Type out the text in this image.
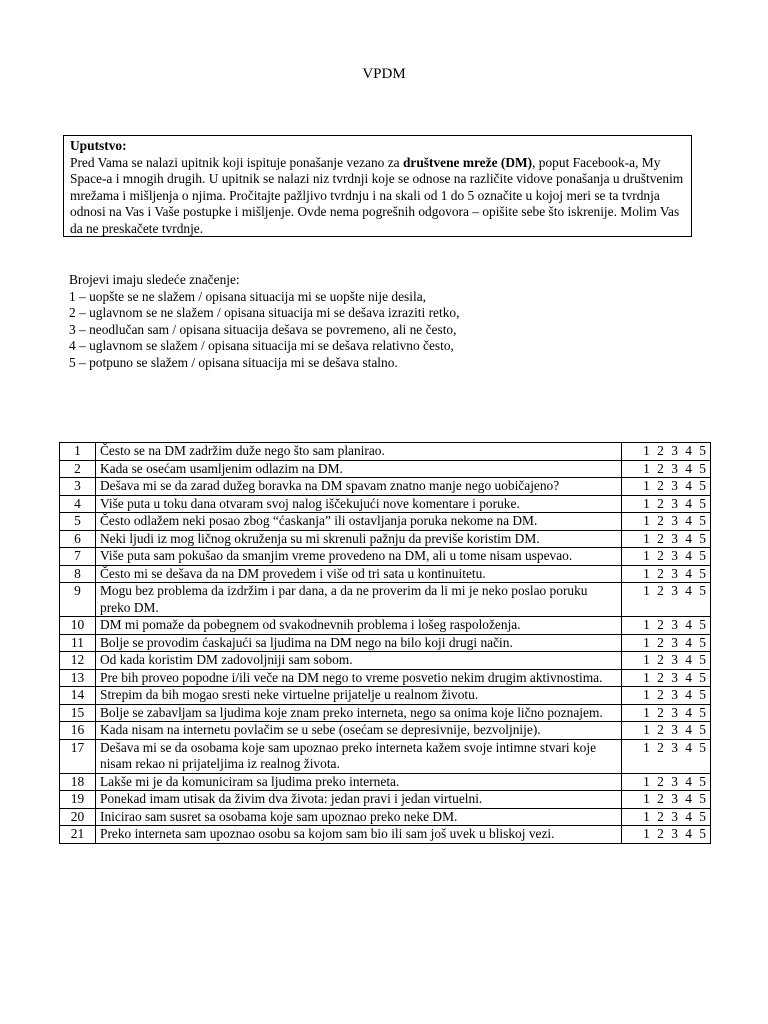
VPDM
Uputstvo:
Pred Vama se nalazi upitnik koji ispituje ponašanje vezano za društvene mreže (DM), poput Facebook-a, My Space-a i mnogih drugih. U upitnik se nalazi niz tvrdnji koje se odnose na različite vidove ponašanja u društvenim mrežama i mišljenja o njima. Pročitajte pažljivo tvrdnju i na skali od 1 do 5 označite u kojoj meri se ta tvrdnja odnosi na Vas i Vaše postupke i mišljenje. Ovde nema pogrešnih odgovora – opišite sebe što iskrenije. Molim Vas da ne preskačete tvrdnje.
Brojevi imaju sledeće značenje:
1 – uopšte se ne slažem / opisana situacija mi se uopšte nije desila,
2 – uglavnom se ne slažem / opisana situacija mi se dešava izraziti retko,
3 – neodlučan sam / opisana situacija dešava se povremeno, ali ne često,
4 – uglavnom se slažem / opisana situacija mi se dešava relativno često,
5 – potpuno se slažem / opisana situacija mi se dešava stalno.
1	Često se na DM zadržim duže nego što sam planirao.	1 2 3 4 5
2	Kada se osećam usamljenim odlazim na DM.	1 2 3 4 5
3	Dešava mi se da zarad dužeg boravka na DM spavam znatno manje nego uobičajeno?	1 2 3 4 5
4	Više puta u toku dana otvaram svoj nalog iščekujući nove komentare i poruke.	1 2 3 4 5
5	Često odlažem neki posao zbog “ćaskanja” ili ostavljanja poruka nekome na DM.	1 2 3 4 5
6	Neki ljudi iz mog ličnog okruženja su mi skrenuli pažnju da previše koristim DM.	1 2 3 4 5
7	Više puta sam pokušao da smanjim vreme provedeno na DM, ali u tome nisam uspevao.	1 2 3 4 5
8	Često mi se dešava da na DM provedem i više od tri sata u kontinuitetu.	1 2 3 4 5
9	Mogu bez problema da izdržim i par dana, a da ne proverim da li mi je neko poslao poruku preko DM.	1 2 3 4 5
10	DM mi pomaže da pobegnem od svakodnevnih problema i lošeg raspoloženja.	1 2 3 4 5
11	Bolje se provodim ćaskajući sa ljudima na DM nego na bilo koji drugi način.	1 2 3 4 5
12	Od kada koristim DM zadovoljniji sam sobom.	1 2 3 4 5
13	Pre bih proveo popodne i/ili veče na DM nego to vreme posvetio nekim drugim aktivnostima.	1 2 3 4 5
14	Strepim da bih mogao sresti neke virtuelne prijatelje u realnom životu.	1 2 3 4 5
15	Bolje se zabavljam sa ljudima koje znam preko interneta, nego sa onima koje lično poznajem.	1 2 3 4 5
16	Kada nisam na internetu povlačim se u sebe (osećam se depresivnije, bezvoljnije).	1 2 3 4 5
17	Dešava mi se da osobama koje sam upoznao preko interneta kažem svoje intimne stvari koje nisam rekao ni prijateljima iz realnog života.	1 2 3 4 5
18	Lakše mi je da komuniciram sa ljudima preko interneta.	1 2 3 4 5
19	Ponekad imam utisak da živim dva života: jedan pravi i jedan virtuelni.	1 2 3 4 5
20	Inicirao sam susret sa osobama koje sam upoznao preko neke DM.	1 2 3 4 5
21	Preko interneta sam upoznao osobu sa kojom sam bio ili sam još uvek u bliskoj vezi.	1 2 3 4 5
